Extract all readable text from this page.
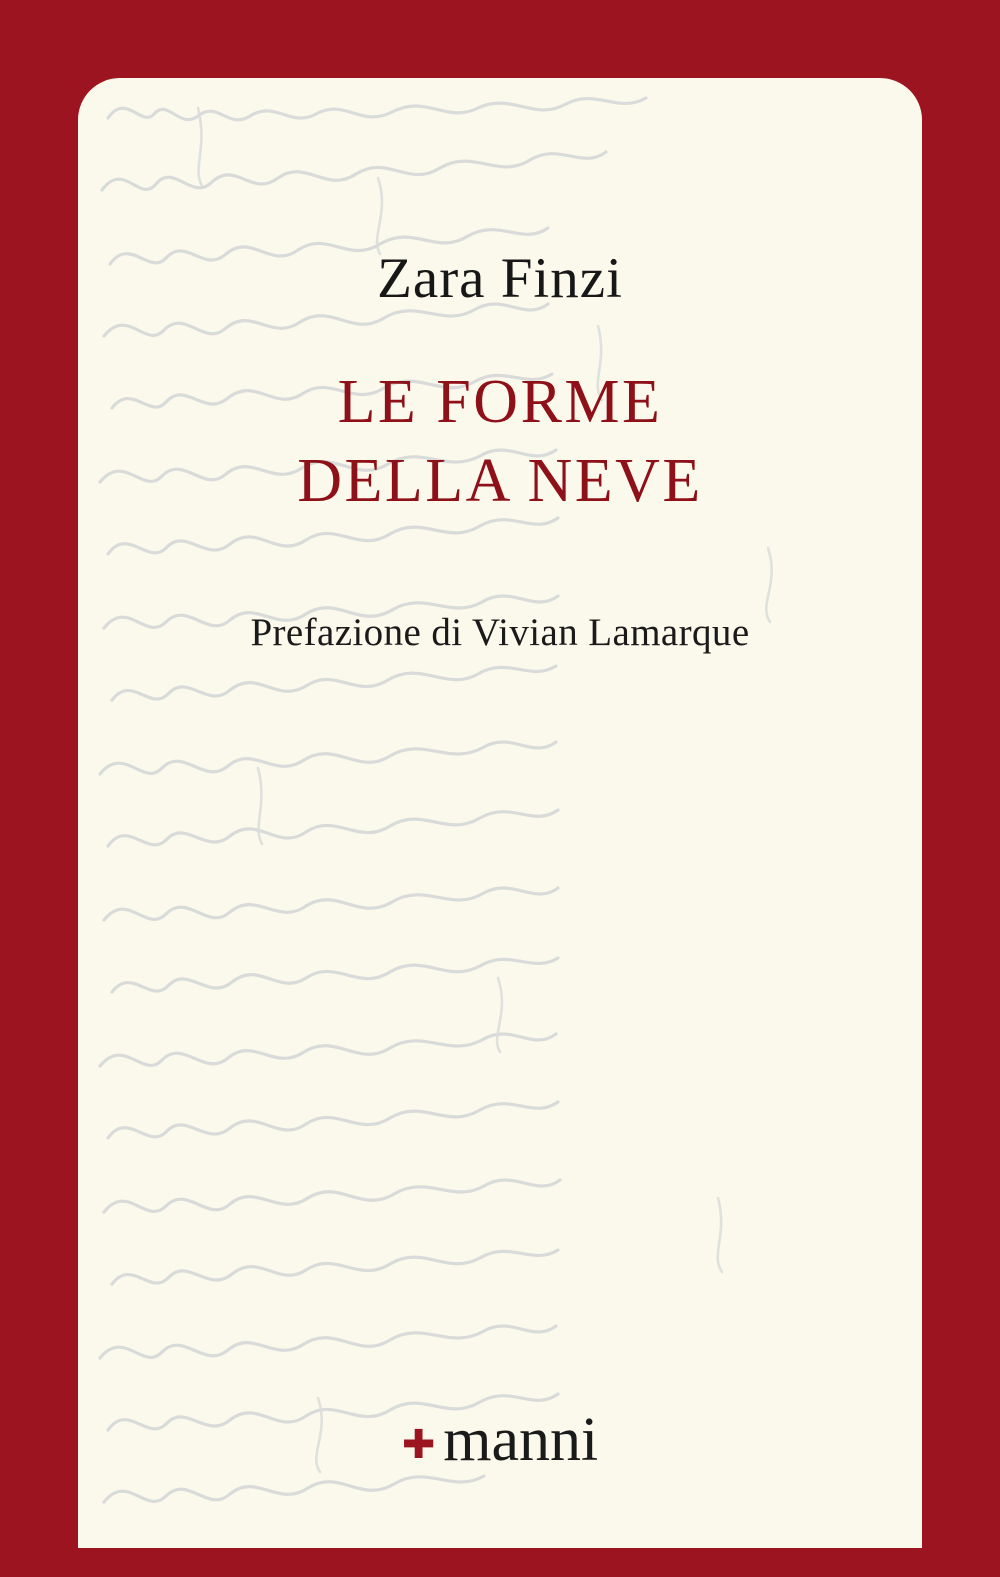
Zara Finzi
LE FORME
DELLA NEVE
Prefazione di Vivian Lamarque
✚ manni
